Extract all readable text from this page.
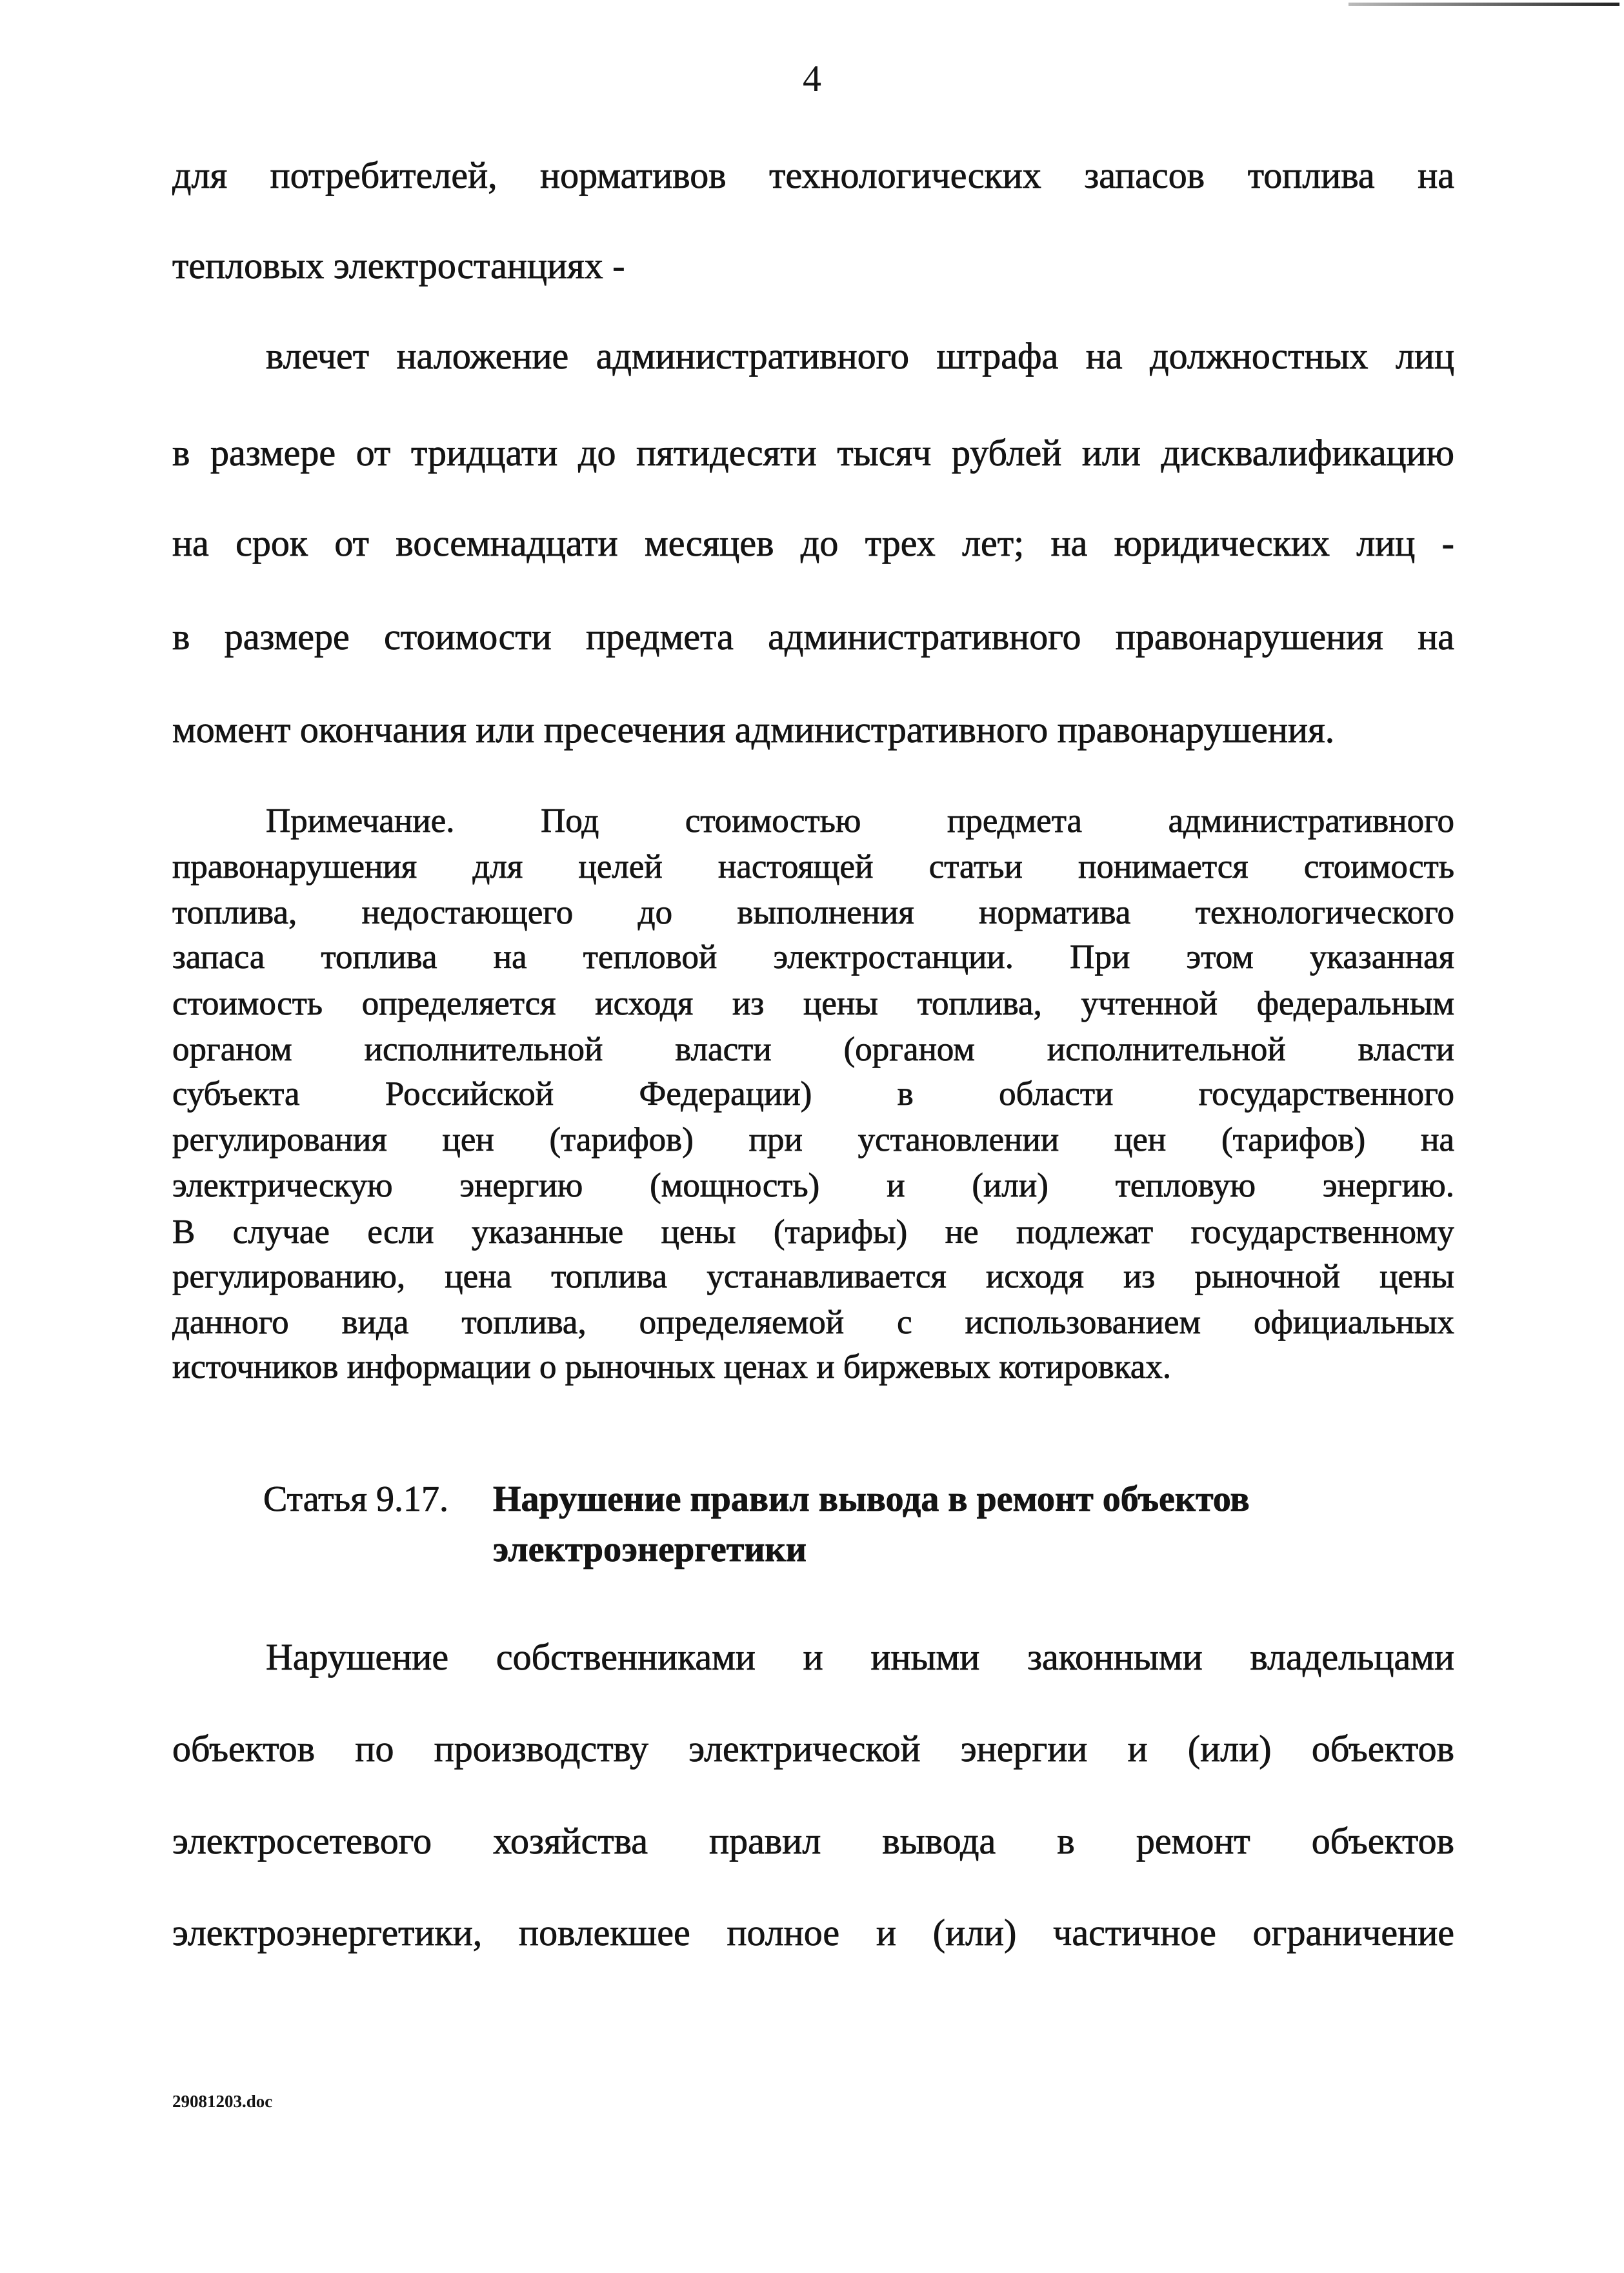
4
для потребителей, нормативов технологических запасов топлива на
тепловых электростанциях -
влечет наложение административного штрафа на должностных лиц
в размере от тридцати до пятидесяти тысяч рублей или дисквалификацию
на срок от восемнадцати месяцев до трех лет; на юридических лиц -
в размере стоимости предмета административного правонарушения на
момент окончания или пресечения административного правонарушения.
Примечание. Под стоимостью предмета административного
правонарушения для целей настоящей статьи понимается стоимость
топлива, недостающего до выполнения норматива технологического
запаса топлива на тепловой электростанции. При этом указанная
стоимость определяется исходя из цены топлива, учтенной федеральным
органом исполнительной власти (органом исполнительной власти
субъекта Российской Федерации) в области государственного
регулирования цен (тарифов) при установлении цен (тарифов) на
электрическую энергию (мощность) и (или) тепловую энергию.
В случае если указанные цены (тарифы) не подлежат государственному
регулированию, цена топлива устанавливается исходя из рыночной цены
данного вида топлива, определяемой с использованием официальных
источников информации о рыночных ценах и биржевых котировках.
Статья 9.17. Нарушение правил вывода в ремонт объектов
электроэнергетики
Нарушение собственниками и иными законными владельцами
объектов по производству электрической энергии и (или) объектов
электросетевого хозяйства правил вывода в ремонт объектов
электроэнергетики, повлекшее полное и (или) частичное ограничение
29081203.doc
